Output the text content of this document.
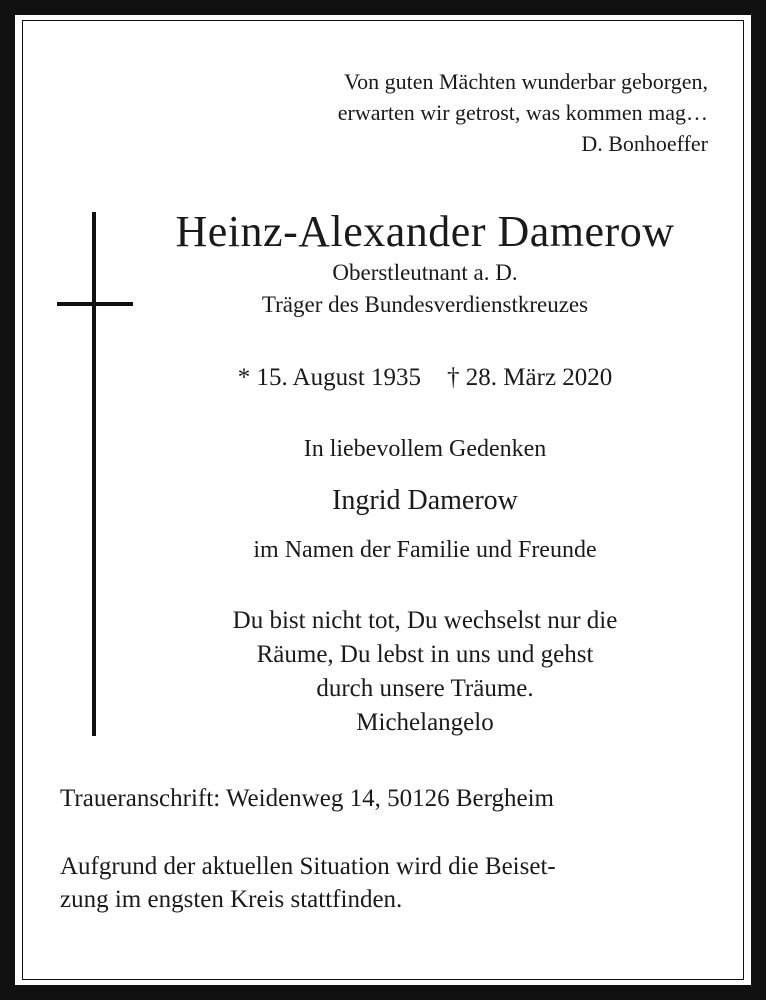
Von guten Mächten wunderbar geborgen,
erwarten wir getrost, was kommen mag…
D. Bonhoeffer
Heinz-Alexander Damerow
Oberstleutnant a. D.
Träger des Bundesverdienstkreuzes
* 15. August 1935 † 28. März 2020
In liebevollem Gedenken
Ingrid Damerow
im Namen der Familie und Freunde
Du bist nicht tot, Du wechselst nur die
Räume, Du lebst in uns und gehst
durch unsere Träume.
Michelangelo
Traueranschrift: Weidenweg 14, 50126 Bergheim
Aufgrund der aktuellen Situation wird die Beiset-
zung im engsten Kreis stattfinden.
